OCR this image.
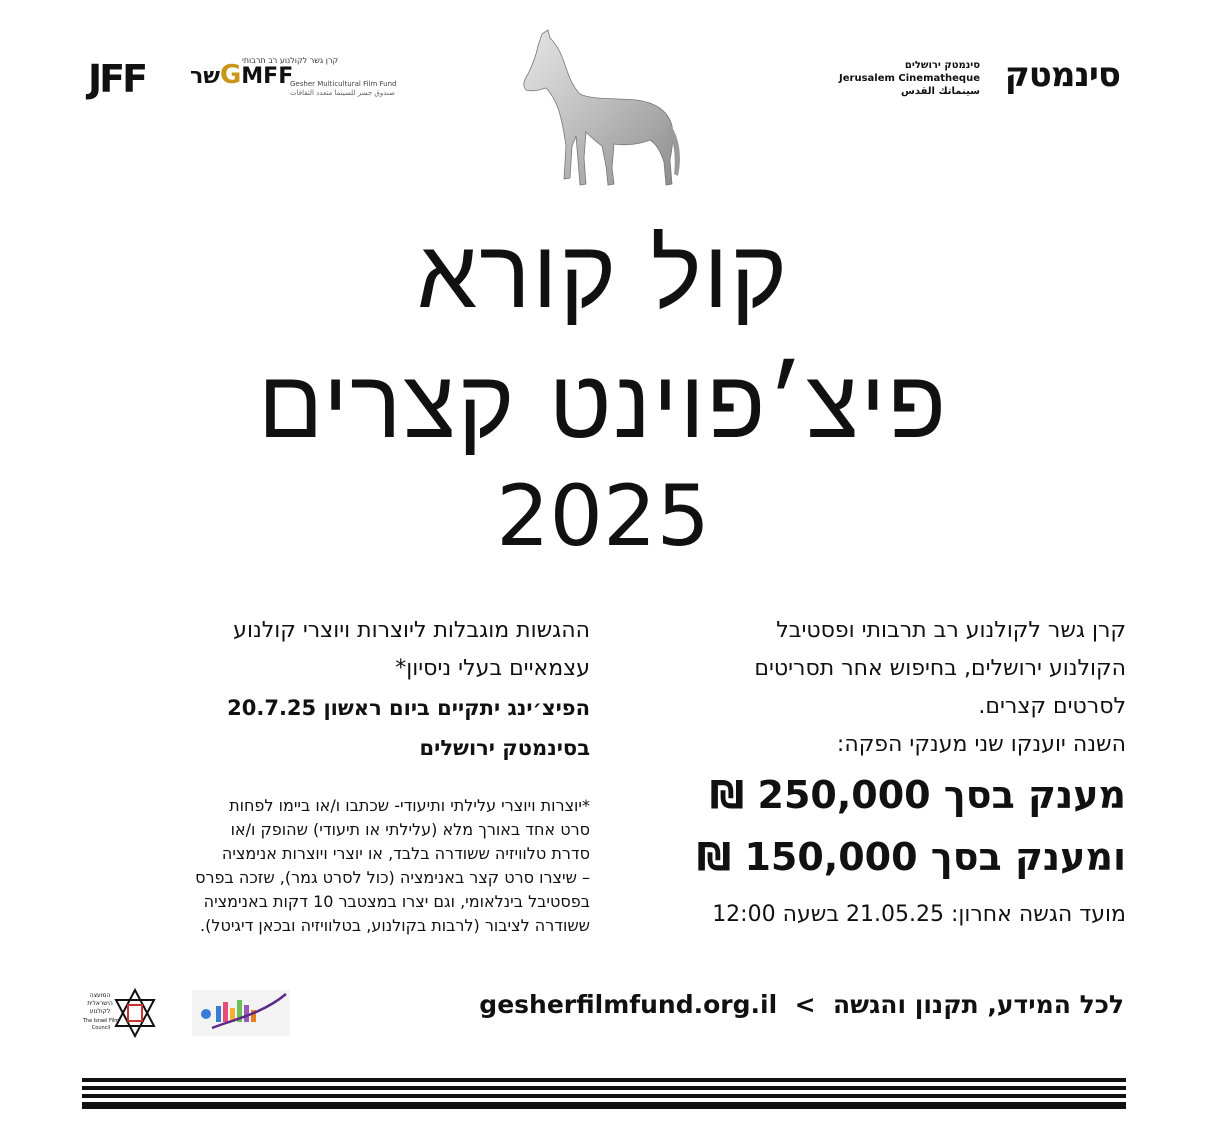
JFF שרGMFF
קרן גשר לקולנוע רב תרבותי
Gesher Multicultural Film Fund
صندوق جسر للسينما متعدد الثقافات	סינמטק
סינמטק ירושלים
Jerusalem Cinematheque
سينماتك القدس
קול קורא
פיצ׳פוינט קצרים
2025

קרן גשר לקולנוע רב תרבותי ופסטיבל

הקולנוע ירושלים, בחיפוש אחר תסריטים

לסרטים קצרים.

השנה יוענקו שני מענקי הפקה:

מענק בסך 250,000 ₪

ומענק בסך 150,000 ₪

מועד הגשה אחרון: 21.05.25 בשעה 12:00

ההגשות מוגבלות ליוצרות ויוצרי קולנוע

עצמאיים בעלי ניסיון*

הפיצ׳ינג יתקיים ביום ראשון 20.7.25

בסינמטק ירושלים

*יוצרות ויוצרי עלילתי ותיעודי- שכתבו ו/או ביימו לפחות
סרט אחד באורך מלא (עלילתי או תיעודי) שהופק ו/או
סדרת טלוויזיה ששודרה בלבד, או יוצרי ויוצרות אנימציה
– שיצרו סרט קצר באנימציה (כול לסרט גמר), שזכה בפרס
בפסטיבל בינלאומי, וגם יצרו במצטבר 10 דקות באנימציה
ששודרה לציבור (לרבות בקולנוע, בטלוויזיה ובכאן דיגיטל).
gesherfilmfund.org.il  <  לכל המידע, תקנון והגשה
המועצה הישראלית לקולנוע
The Israel Film Council
